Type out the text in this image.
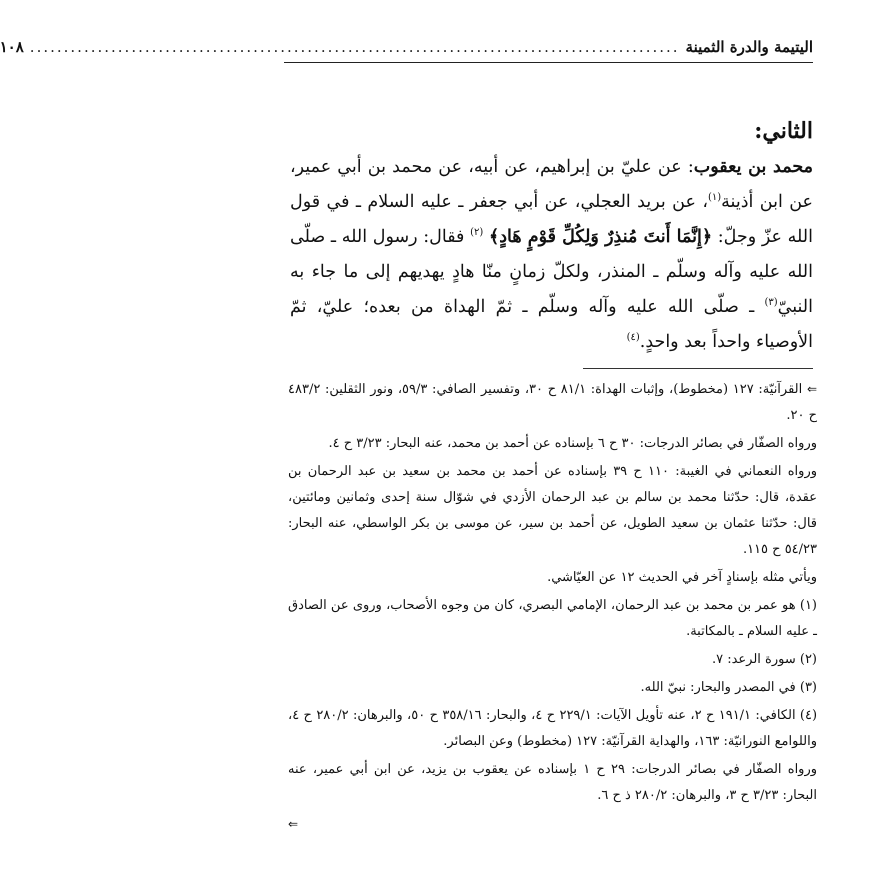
اليتيمة والدرة الثمينة
................................................................................................
١٠٨
الثاني:

محمد بن يعقوب: عن عليّ بن إبراهيم، عن أبيه، عن محمد بن أبي عمير، عن ابن أذينة$^{(١)}$، عن بريد العجلي، عن أبي جعفر ـ عليه السلام ـ في قول الله عزّ وجلّ: ﴿إِنَّمَا أَنتَ مُنذِرٌ وَلِكُلِّ قَوْمٍ هَادٍ﴾ $^{(٢)}$ فقال: رسول الله ـ صلّى الله عليه وآله وسلّم ـ المنذر، ولكلّ زمانٍ منّا هادٍ يهديهم إلى ما جاء به النبيّ$^{(٣)}$ ـ صلّى الله عليه وآله وسلّم ـ ثمّ الهداة من بعده؛ عليّ، ثمّ الأوصياء واحداً بعد واحدٍ.$^{(٤)}$

⇐ القرآنيّة: ١٢٧ (مخطوط)، وإثبات الهداة: ٨١/١ ح ٣٠، وتفسير الصافي: ٥٩/٣، ونور الثقلين: ٤٨٣/٢ ح ٢٠.

ورواه الصفّار في بصائر الدرجات: ٣٠ ح ٦ بإسناده عن أحمد بن محمد، عنه البحار: ٣/٢٣ ح ٤.

ورواه النعماني في الغيبة: ١١٠ ح ٣٩ بإسناده عن أحمد بن محمد بن سعيد بن عبد الرحمان بن عقدة، قال: حدّثنا محمد بن سالم بن عبد الرحمان الأزدي في شوّال سنة إحدى وثمانين ومائتين، قال: حدّثنا عثمان بن سعيد الطويل، عن أحمد بن سير، عن موسى بن بكر الواسطي، عنه البحار: ٥٤/٢٣ ح ١١٥.

ويأتي مثله بإسنادٍ آخر في الحديث ١٢ عن العيّاشي.

(١) هو عمر بن محمد بن عبد الرحمان، الإمامي البصري، كان من وجوه الأصحاب، وروى عن الصادق ـ عليه السلام ـ بالمكاتبة.

(٢) سورة الرعد: ٧.

(٣) في المصدر والبحار: نبيّ الله.

(٤) الكافي: ١٩١/١ ح ٢، عنه تأويل الآيات: ٢٢٩/١ ح ٤، والبحار: ٣٥٨/١٦ ح ٥٠، والبرهان: ٢٨٠/٢ ح ٤، واللوامع النورانيّة: ١٦٣، والهداية القرآنيّة: ١٢٧ (مخطوط) وعن البصائر.

ورواه الصفّار في بصائر الدرجات: ٢٩ ح ١ بإسناده عن يعقوب بن يزيد، عن ابن أبي عمير، عنه البحار: ٣/٢٣ ح ٣، والبرهان: ٢٨٠/٢ ذ ح ٦.

⇐
